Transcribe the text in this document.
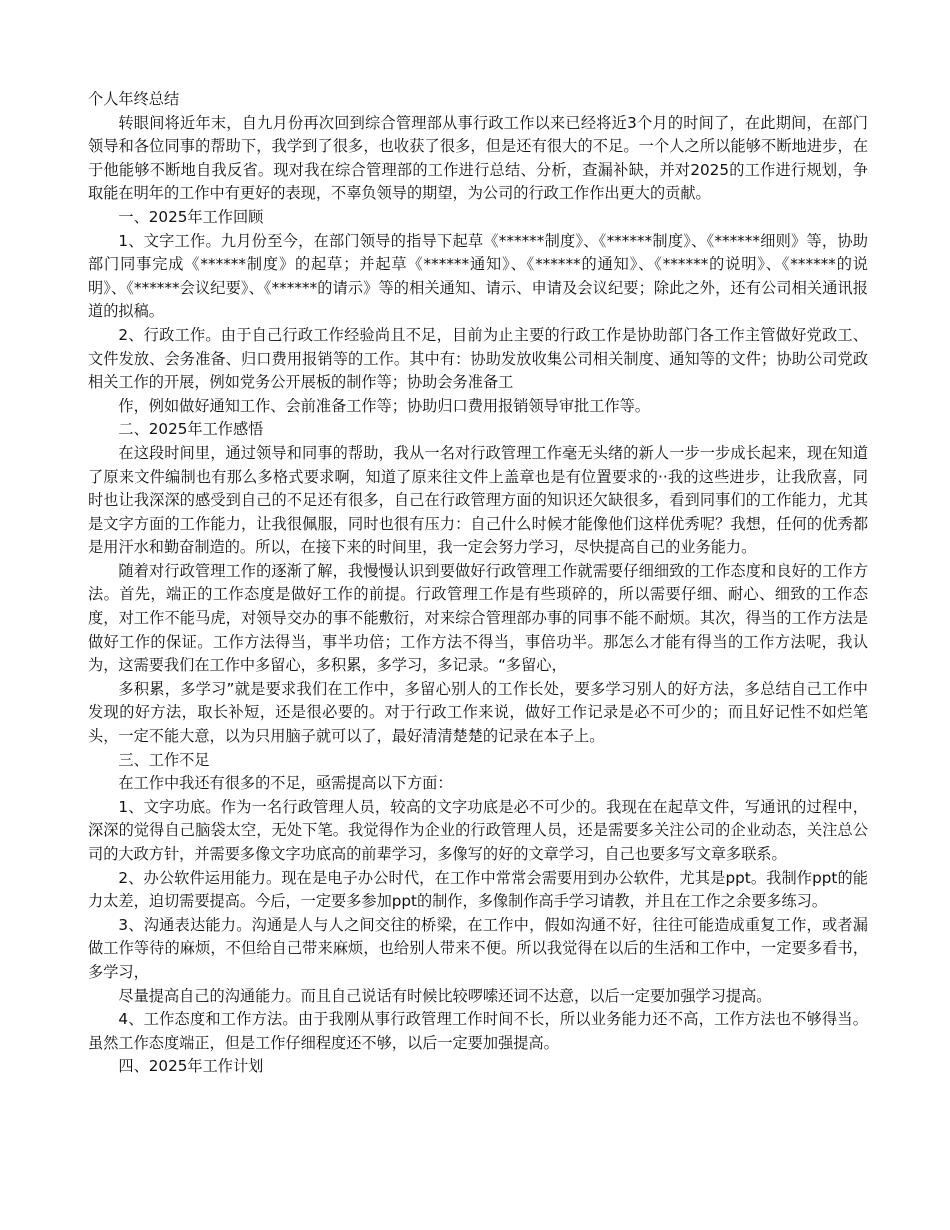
个人年终总结

转眼间将近年末，自九月份再次回到综合管理部从事行政工作以来已经将近3个月的时间了，在此期间，在部门领导和各位同事的帮助下，我学到了很多，也收获了很多，但是还有很大的不足。一个人之所以能够不断地进步，在于他能够不断地自我反省。现对我在综合管理部的工作进行总结、分析，查漏补缺，并对2025的工作进行规划，争取能在明年的工作中有更好的表现，不辜负领导的期望，为公司的行政工作作出更大的贡献。

一、2025年工作回顾

1、文字工作。九月份至今，在部门领导的指导下起草《******制度》、《******制度》、《******细则》等，协助部门同事完成《******制度》的起草；并起草《******通知》、《******的通知》、《******的说明》、《******的说明》、《******会议纪要》、《******的请示》等的相关通知、请示、申请及会议纪要；除此之外，还有公司相关通讯报道的拟稿。

2、行政工作。由于自己行政工作经验尚且不足，目前为止主要的行政工作是协助部门各工作主管做好党政工、文件发放、会务准备、归口费用报销等的工作。其中有：协助发放收集公司相关制度、通知等的文件；协助公司党政相关工作的开展，例如党务公开展板的制作等；协助会务准备工

作，例如做好通知工作、会前准备工作等；协助归口费用报销领导审批工作等。

二、2025年工作感悟

在这段时间里，通过领导和同事的帮助，我从一名对行政管理工作毫无头绪的新人一步一步成长起来，现在知道了原来文件编制也有那么多格式要求啊，知道了原来往文件上盖章也是有位置要求的··我的这些进步，让我欣喜，同时也让我深深的感受到自己的不足还有很多，自己在行政管理方面的知识还欠缺很多，看到同事们的工作能力，尤其是文字方面的工作能力，让我很佩服，同时也很有压力：自己什么时候才能像他们这样优秀呢？我想，任何的优秀都是用汗水和勤奋制造的。所以，在接下来的时间里，我一定会努力学习，尽快提高自己的业务能力。

随着对行政管理工作的逐渐了解，我慢慢认识到要做好行政管理工作就需要仔细细致的工作态度和良好的工作方法。首先，端正的工作态度是做好工作的前提。行政管理工作是有些琐碎的，所以需要仔细、耐心、细致的工作态度，对工作不能马虎，对领导交办的事不能敷衍，对来综合管理部办事的同事不能不耐烦。其次，得当的工作方法是做好工作的保证。工作方法得当，事半功倍；工作方法不得当，事倍功半。那怎么才能有得当的工作方法呢，我认为，这需要我们在工作中多留心，多积累，多学习，多记录。“多留心，

多积累，多学习”就是要求我们在工作中，多留心别人的工作长处，要多学习别人的好方法，多总结自己工作中发现的好方法，取长补短，还是很必要的。对于行政工作来说，做好工作记录是必不可少的；而且好记性不如烂笔头，一定不能大意，以为只用脑子就可以了，最好清清楚楚的记录在本子上。

三、工作不足

在工作中我还有很多的不足，亟需提高以下方面：

1、文字功底。作为一名行政管理人员，较高的文字功底是必不可少的。我现在在起草文件，写通讯的过程中，深深的觉得自己脑袋太空，无处下笔。我觉得作为企业的行政管理人员，还是需要多关注公司的企业动态，关注总公司的大政方针，并需要多像文字功底高的前辈学习，多像写的好的文章学习，自己也要多写文章多联系。

2、办公软件运用能力。现在是电子办公时代，在工作中常常会需要用到办公软件，尤其是ppt。我制作ppt的能力太差，迫切需要提高。今后，一定要多参加ppt的制作，多像制作高手学习请教，并且在工作之余要多练习。

3、沟通表达能力。沟通是人与人之间交往的桥梁，在工作中，假如沟通不好，往往可能造成重复工作，或者漏做工作等待的麻烦，不但给自己带来麻烦，也给别人带来不便。所以我觉得在以后的生活和工作中，一定要多看书，多学习，

尽量提高自己的沟通能力。而且自己说话有时候比较啰嗦还词不达意，以后一定要加强学习提高。

4、工作态度和工作方法。由于我刚从事行政管理工作时间不长，所以业务能力还不高，工作方法也不够得当。虽然工作态度端正，但是工作仔细程度还不够，以后一定要加强提高。

四、2025年工作计划
